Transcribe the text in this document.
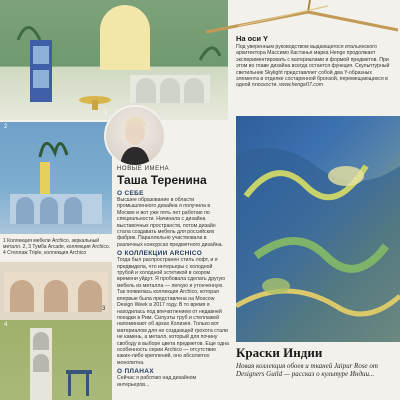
1
2
1 Коллекция мебели Archico, зеркальный металл. 2, 3 Тумба Arcade, коллекция Archico. 4 Стеллаж Triple, коллекция Archico
3
4
НОВЫЕ ИМЕНА
Таша Теренина
О СЕБЕ
Высшее образование в области промышленного дизайна я получила в Москве и вот уже пять лет работаю по специальности. Начинала с дизайна выставочных пространств, потом дизайн стала создавать мебель для российских фабрик. Параллельно участвовала в различных конкурсах предметного дизайна.
О КОЛЛЕКЦИИ ARCHICO
Тогда был распространен стиль лофт, и я предвидела, что интерьеры с холодной трубой и холодной эстетикой в скором времени уйдут. Я пробовала сделать другую мебель из металла — легкую и утонченную. Так появилась коллекция Archico, которая впервые была представлена на Moscow Design Week в 2017 году. В то время я находилась под впечатлением от недавней поездки в Рим. Силуэты труб и стеллажей напоминают об арках Колизея. Только вот материалом для не создающей грохота стали не камень, а металл, который для почину свободу в выборе цвета предметов. Еще одна особенность серии Archico — отсутствие каких-либо креплений, оно абсолютно монолитна.
О ПЛАНАХ
Сейчас я работаю над дизайном интерьеров...
На оси Y
Под уверенным руководством выдающегося итальянского архитектора Массимо Кастанья марка Henge продолжает экспериментировать с материалами и формой предметов. При этом во главе дизайна всегда остается функция. Скульптурный светильник Skylight представляет собой два Y-образных элемента в отделке состаренной бронзой, перемещающихся в одной плоскости. www.henge07.com
Краски Индии
Новая коллекция обоев и тканей Jaipur Rose от Designers Guild — рассказ о культуре Индии...
